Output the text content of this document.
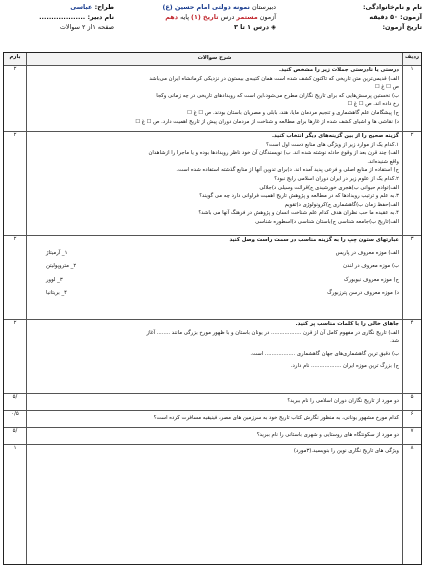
نام و نام‌خانوادگی:
آزمون: ۵۰ دقیقه
تاریخ آزمون:
دبیرستان نمونه دولتی امام حسین (ع)
آزمون مستمر درس تاریخ (۱) پایه دهم
◈ درس ۱ تا ۳
طراح: عباسی
نام دبیر: ...................
صفحه ۱از ۲ سوالات
ردیف
شرح سوالات
بارم
۱
درستی یا نادرستی جملات زیر را مشخص کنید.
الف) قدیمی‌ترین متن تاریخی که تاکنون کشف شده است همان کتیبه‌ی بیستون در نزدیکی کرمانشاه ایران می‌باشد
ص ☐ غ ☐
ب) نخستین پرسش‌هایی که برای تاریخ نگاران مطرح می‌شود،این است که رویدادهای تاریخی در چه زمانی وکجا
رخ داده اند. ص ☐ غ ☐
ج) پیشگامان علم گاهشماری و تنجیم مردمان مایا، هند، بابلی و مصریان باستان بودند. ص ☐ غ ☐
د) نقاشی ها و اشیای کشف شده از غارها برای مطالعه و شناخت از مردمان دوران پیش از تاریخ اهمیت دارد. ص ☐ غ ☐
۲
۲
گزینه صحیح را از بین گزینه‌های دیگر انتخاب کنید.
۱.کدام یک از موارد زیر از ویژگی های منابع دست اول است؟
الف) چند قرن بعد از وقوع حادثه نوشته شده اند. ب) نویسندگان آن خود ناظر رویدادها بوده و یا ماجرا را ازشاهدان
واقع شنیده‌اند.
ج) استفاده از منابع اصلی و فرعی پدید آمده اند. د)برای تدوین آنها از منابع گذشته استفاده شده است.
۲.کدام یک از علوم زیر در ایران دوران اسلامی رایج نبود؟
الف)نوادم حیوانی ب)هجری خورشیدی ج)قرائت وسیلی د)جلالی
۳.به علم و ترتیب رویدادها که در مطالعه و پژوهش تاریخ اهمیت فراوانی دارد چه می گویند؟
الف)حفظ زمان ب)گاهشماری ج)کرونولوژی د)تقویم
۴.به عقیده ما حب نظران هدف کدام علم شناخت انسان و پژوهش در فرهنگ آنها می باشد؟
الف)تاریخ ب)جامعه شناسی ج)باستان شناسی د)اسطوره شناسی
۲
۳
عبارتهای ستون چپ را به گزینه مناسب در سمت راست وصل کنید
الف) موزه معروف در پاریس
۱_ آرمیتاژ
ب) موزه معروف در لندن
۲_ متروپولیتن
ج) موزه معروف نیویورک
۳_ لوور
د) موزه معروف درسن پترزبورگ
۴_ بریتانیا
۲
۴
جاهای خالی را با کلمات مناسب پر کنید.
الف) تاریخ نگاری در مفهوم کامل آن از قرن .................. در یونان باستان و با ظهور مورخ بزرگی مانند ........ آغاز
شد.
ب) دقیق ترین گاهشماری‌های جهان گاهشماری .................. است.
ج) بزرگ ترین موزه ایران .................. نام دارد.
۲
۵
دو مورد از تاریخ نگاران دوران اسلامی را نام ببرید؟
/۵
۶
کدام مورخ مشهور یونانی، به منظور نگارش کتاب تاریخ خود به سرزمین های مصر، فینیقیه مسافرت کرده است؟
۰/۵
۷
دو مورد از سکونتگاه های روستایی و شهری باستانی را نام ببرید؟
/۵
۸
ویژگی های تاریخ نگاری نوین را بنویسید.(۳مورد)
۱
